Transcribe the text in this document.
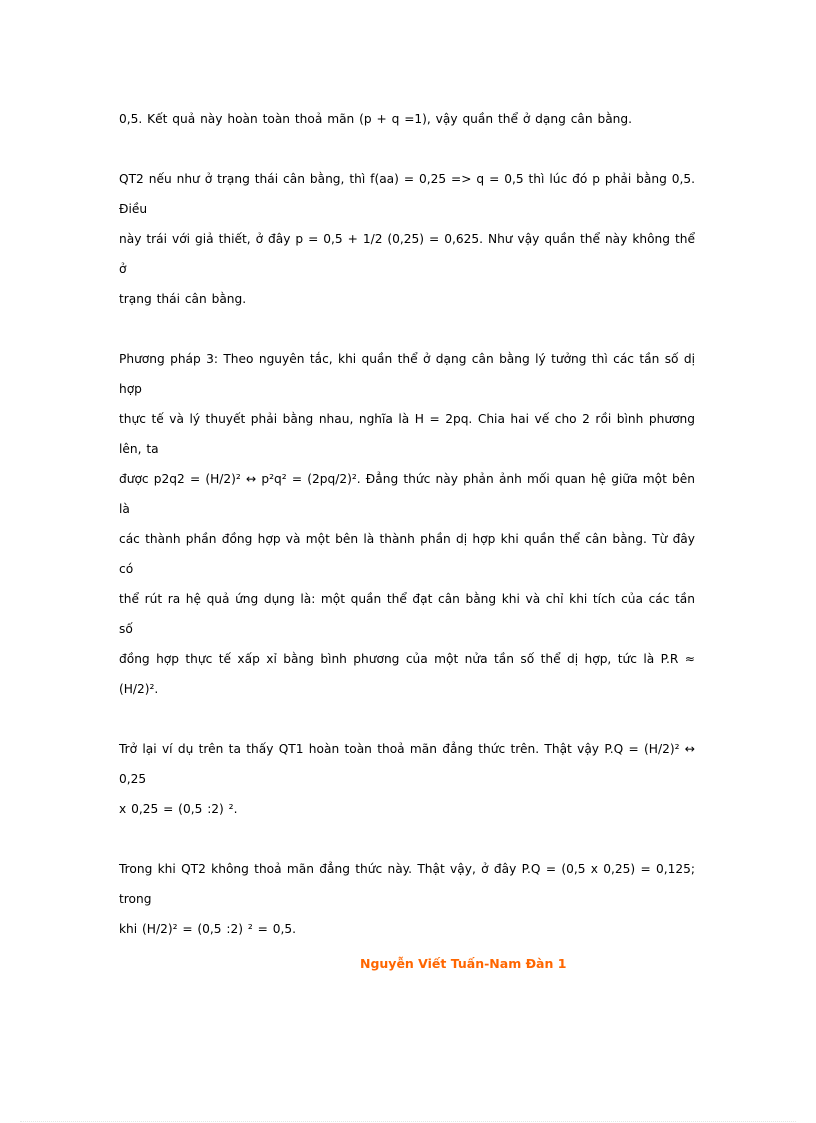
0,5. Kết quả này hoàn toàn thoả mãn (p + q =1), vậy quần thể ở dạng cân bằng.

QT2 nếu như ở trạng thái cân bằng, thì f(aa) = 0,25 => q = 0,5 thì lúc đó p phải bằng 0,5. Điều
này trái với giả thiết, ở đây p = 0,5 + 1/2 (0,25) = 0,625. Như vậy quần thể này không thể ở
trạng thái cân bằng.

Phương pháp 3: Theo nguyên tắc, khi quần thể ở dạng cân bằng lý tưởng thì các tần số dị hợp
thực tế và lý thuyết phải bằng nhau, nghĩa là H = 2pq. Chia hai vế cho 2 rồi bình phương lên, ta
được p2q2 = (H/2)² ↔ p²q² = (2pq/2)². Đẳng thức này phản ảnh mối quan hệ giữa một bên là
các thành phần đồng hợp và một bên là thành phần dị hợp khi quần thể cân bằng. Từ đây có
thể rút ra hệ quả ứng dụng là: một quần thể đạt cân bằng khi và chỉ khi tích của các tần số
đồng hợp thực tế xấp xỉ bằng bình phương của một nửa tần số thể dị hợp, tức là P.R ≈ (H/2)².

Trở lại ví dụ trên ta thấy QT1 hoàn toàn thoả mãn đẳng thức trên. Thật vậy P.Q = (H/2)² ↔ 0,25
x 0,25 = (0,5 :2) ².

Trong khi QT2 không thoả mãn đẳng thức này. Thật vậy, ở đây P.Q = (0,5 x 0,25) = 0,125; trong
khi (H/2)² = (0,5 :2) ² = 0,5.

Nguyễn Viết Tuấn-Nam Đàn 1
